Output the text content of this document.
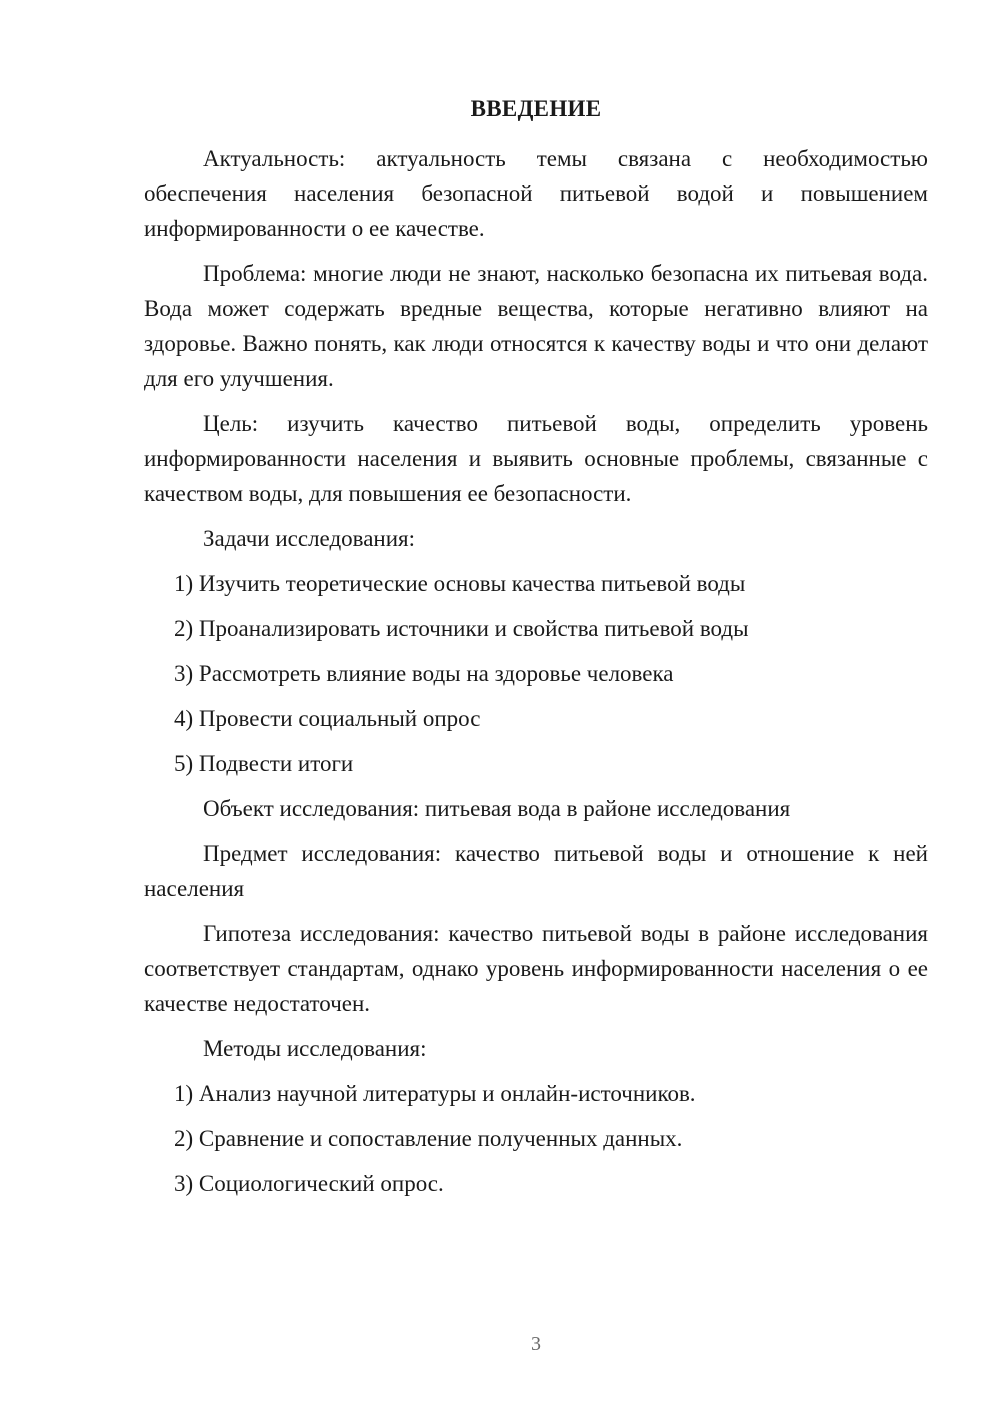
ВВЕДЕНИЕ

Актуальность: актуальность темы связана с необходимостью обеспечения населения безопасной питьевой водой и повышением информированности о ее качестве.

Проблема: многие люди не знают, насколько безопасна их питьевая вода. Вода может содержать вредные вещества, которые негативно влияют на здоровье. Важно понять, как люди относятся к качеству воды и что они делают для его улучшения.

Цель: изучить качество питьевой воды, определить уровень информированности населения и выявить основные проблемы, связанные с качеством воды, для повышения ее безопасности.

Задачи исследования:

1) Изучить теоретические основы качества питьевой воды

2) Проанализировать источники и свойства питьевой воды

3) Рассмотреть влияние воды на здоровье человека

4) Провести социальный опрос

5) Подвести итоги

Объект исследования: питьевая вода в районе исследования

Предмет исследования: качество питьевой воды и отношение к ней населения

Гипотеза исследования: качество питьевой воды в районе исследования соответствует стандартам, однако уровень информированности населения о ее качестве недостаточен.

Методы исследования:

1) Анализ научной литературы и онлайн-источников.

2) Сравнение и сопоставление полученных данных.

3) Социологический опрос.

3
